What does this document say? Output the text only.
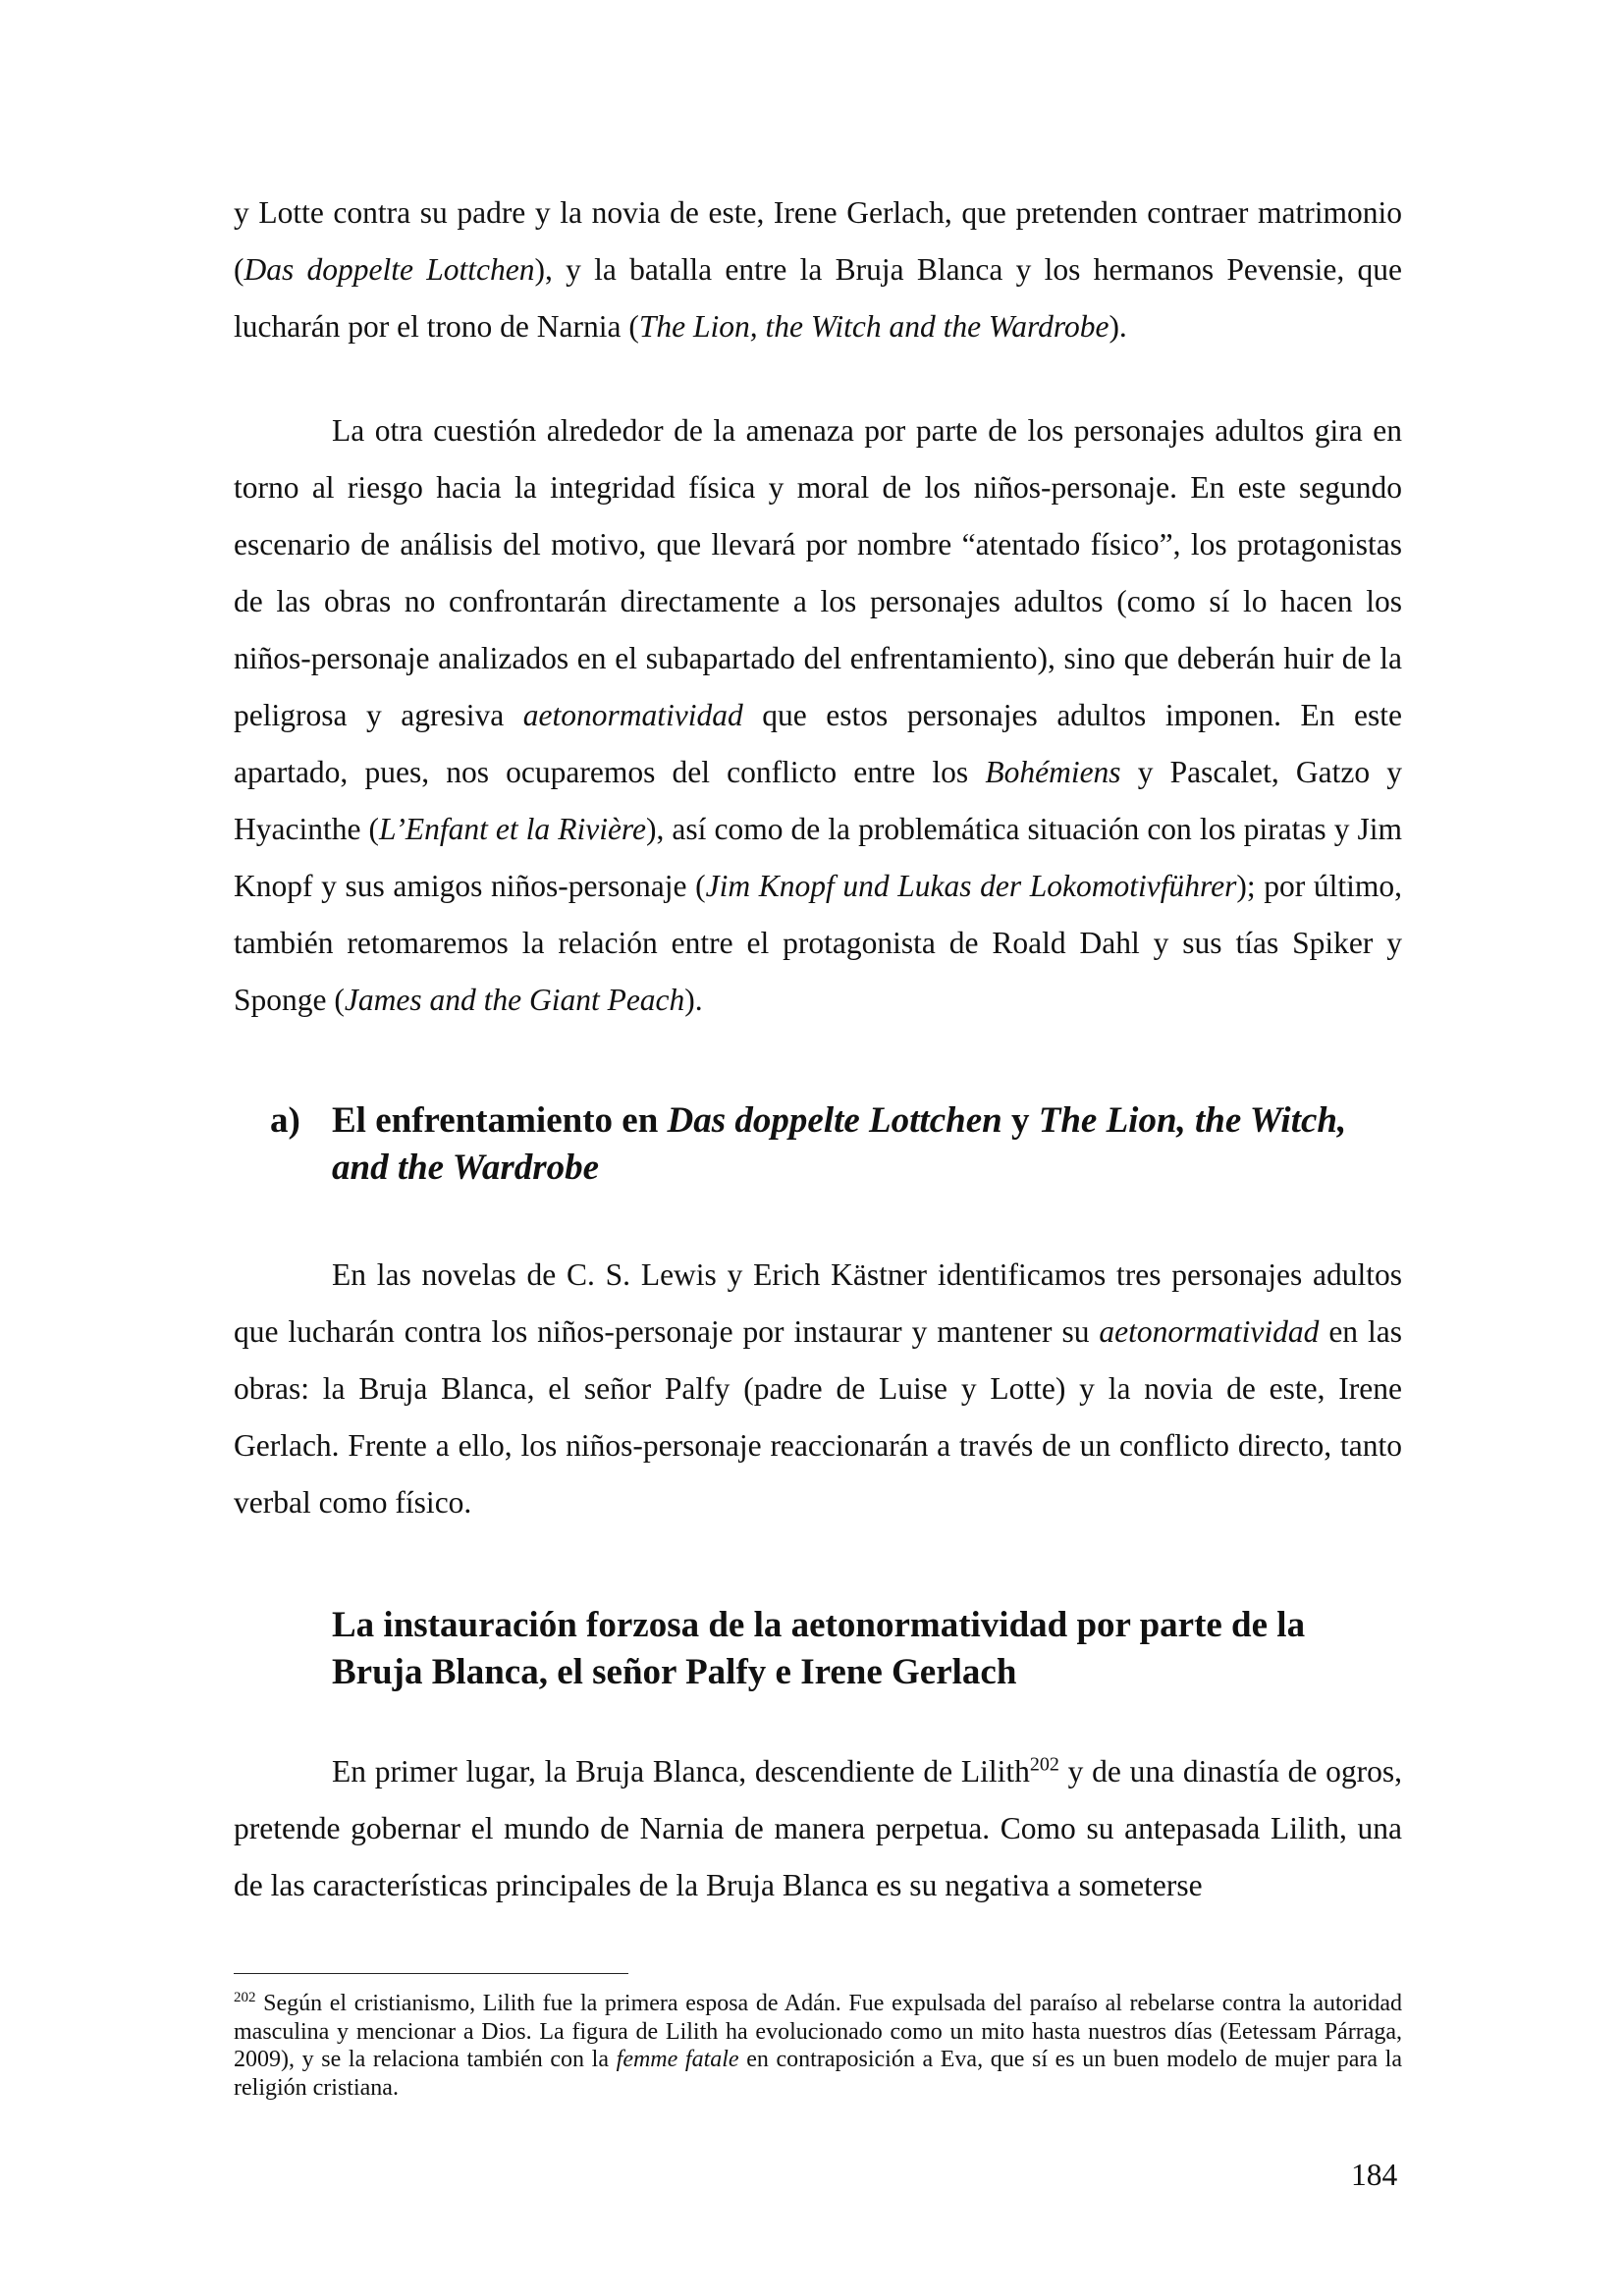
y Lotte contra su padre y la novia de este, Irene Gerlach, que pretenden contraer matrimonio (Das doppelte Lottchen), y la batalla entre la Bruja Blanca y los hermanos Pevensie, que lucharán por el trono de Narnia (The Lion, the Witch and the Wardrobe).

La otra cuestión alrededor de la amenaza por parte de los personajes adultos gira en torno al riesgo hacia la integridad física y moral de los niños-personaje. En este segundo escenario de análisis del motivo, que llevará por nombre “atentado físico”, los protagonistas de las obras no confrontarán directamente a los personajes adultos (como sí lo hacen los niños-personaje analizados en el subapartado del enfrentamiento), sino que deberán huir de la peligrosa y agresiva aetonormatividad que estos personajes adultos imponen. En este apartado, pues, nos ocuparemos del conflicto entre los Bohémiens y Pascalet, Gatzo y Hyacinthe (L’Enfant et la Rivière), así como de la problemática situación con los piratas y Jim Knopf y sus amigos niños-personaje (Jim Knopf und Lukas der Lokomotivführer); por último, también retomaremos la relación entre el protagonista de Roald Dahl y sus tías Spiker y Sponge (James and the Giant Peach).

a) El enfrentamiento en Das doppelte Lottchen y The Lion, the Witch, and the Wardrobe

En las novelas de C. S. Lewis y Erich Kästner identificamos tres personajes adultos que lucharán contra los niños-personaje por instaurar y mantener su aetonormatividad en las obras: la Bruja Blanca, el señor Palfy (padre de Luise y Lotte) y la novia de este, Irene Gerlach. Frente a ello, los niños-personaje reaccionarán a través de un conflicto directo, tanto verbal como físico.

La instauración forzosa de la aetonormatividad por parte de la Bruja Blanca, el señor Palfy e Irene Gerlach

En primer lugar, la Bruja Blanca, descendiente de Lilith$^{202}$ y de una dinastía de ogros, pretende gobernar el mundo de Narnia de manera perpetua. Como su antepasada Lilith, una de las características principales de la Bruja Blanca es su negativa a someterse

$^{202}$ Según el cristianismo, Lilith fue la primera esposa de Adán. Fue expulsada del paraíso al rebelarse contra la autoridad masculina y mencionar a Dios. La figura de Lilith ha evolucionado como un mito hasta nuestros días (Eetessam Párraga, 2009), y se la relaciona también con la femme fatale en contraposición a Eva, que sí es un buen modelo de mujer para la religión cristiana.

184
